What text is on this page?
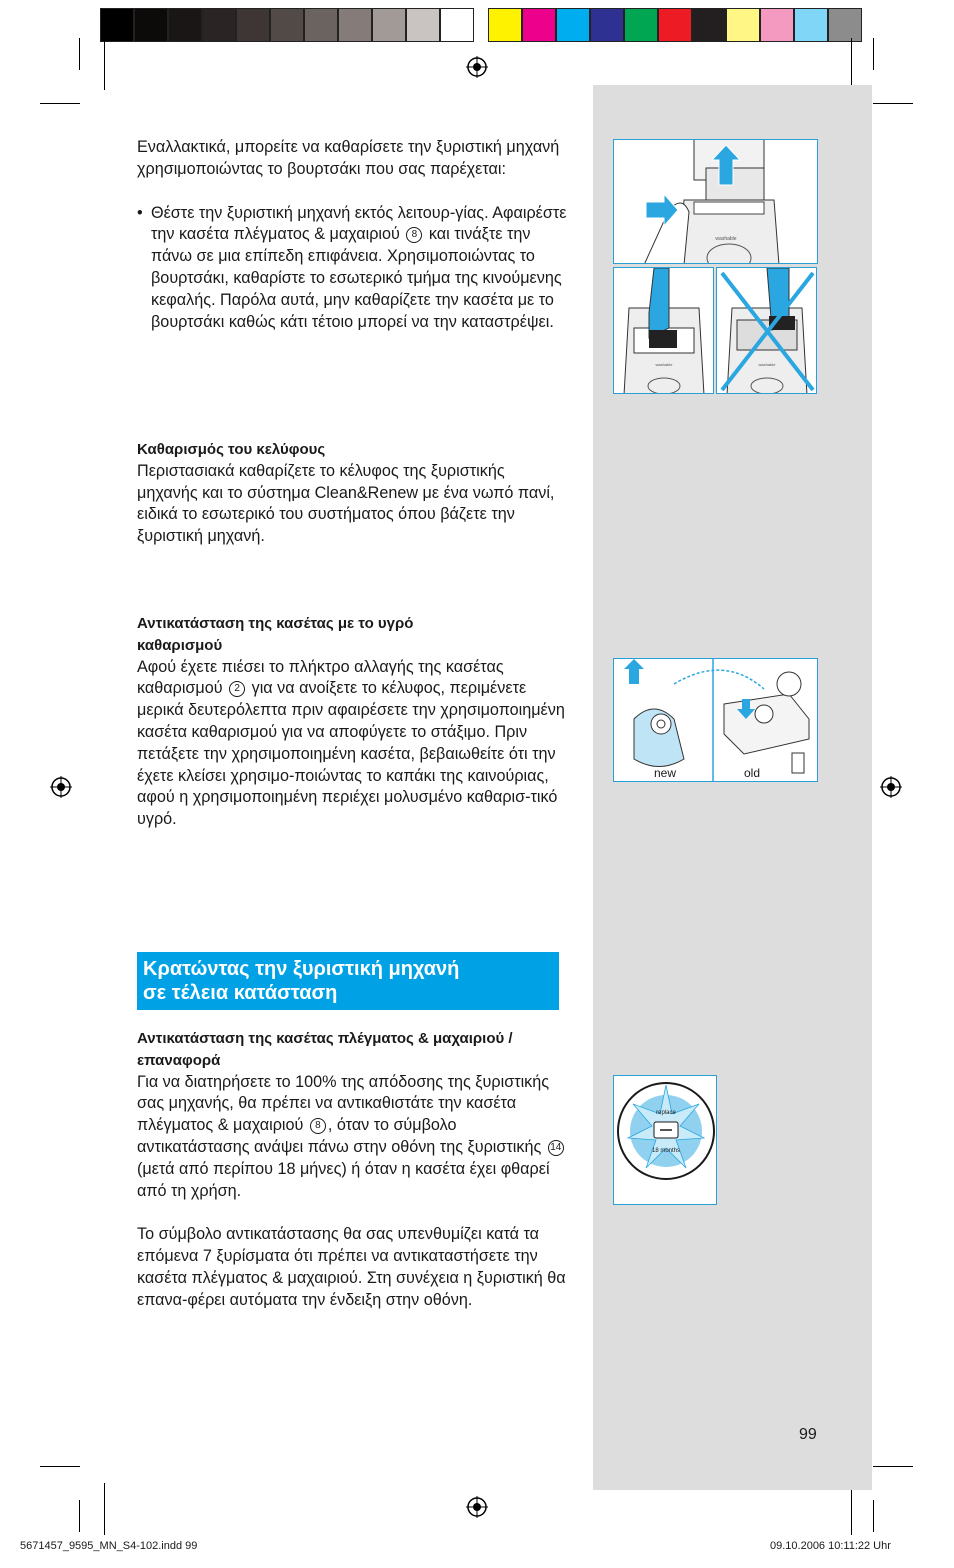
Εναλλακτικά, μπορείτε να καθαρίσετε την ξυριστική μηχανή χρησιμοποιώντας το βουρτσάκι που σας παρέχεται:

• Θέστε την ξυριστική μηχανή εκτός λειτουρ-γίας. Αφαιρέστε την κασέτα πλέγματος & μαχαιριού 8 και τινάξτε την πάνω σε μια επίπεδη επιφάνεια. Χρησιμοποιώντας το βουρτσάκι, καθαρίστε το εσωτερικό τμήμα της κινούμενης κεφαλής. Παρόλα αυτά, μην καθαρίζετε την κασέτα με το βουρτσάκι καθώς κάτι τέτοιο μπορεί να την καταστρέψει.

Καθαρισμός του κελύφους

Περιστασιακά καθαρίζετε το κέλυφος της ξυριστικής μηχανής και το σύστημα Clean&Renew με ένα νωπό πανί, ειδικά το εσωτερικό του συστήματος όπου βάζετε την ξυριστική μηχανή.

Αντικατάσταση της κασέτας με το υγρό καθαρισμού

Αφού έχετε πιέσει το πλήκτρο αλλαγής της κασέτας καθαρισμού 2 για να ανοίξετε το κέλυφος, περιμένετε μερικά δευτερόλεπτα πριν αφαιρέσετε την χρησιμοποιημένη κασέτα καθαρισμού για να αποφύγετε το στάξιμο. Πριν πετάξετε την χρησιμοποιημένη κασέτα, βεβαιωθείτε ότι την έχετε κλείσει χρησιμο-ποιώντας το καπάκι της καινούριας, αφού η χρησιμοποιημένη περιέχει μολυσμένο καθαρισ-τικό υγρό.

Κρατώντας την ξυριστική μηχανή
σε τέλεια κατάσταση

Αντικατάσταση της κασέτας πλέγματος & μαχαιριού / επαναφορά

Για να διατηρήσετε το 100% της απόδοσης της ξυριστικής σας μηχανής, θα πρέπει να αντικαθιστάτε την κασέτα πλέγματος & μαχαιριού 8 , όταν το σύμβολο αντικατάστασης ανάψει πάνω στην οθόνη της ξυριστικής 14 (μετά από περίπου 18 μήνες) ή όταν η κασέτα έχει φθαρεί από τη χρήση.

Το σύμβολο αντικατάστασης θα σας υπενθυμίζει κατά τα επόμενα 7 ξυρίσματα ότι πρέπει να αντικαταστήσετε την κασέτα πλέγματος & μαχαιριού. Στη συνέχεια η ξυριστική θα επανα-φέρει αυτόματα την ένδειξη στην οθόνη.

washable
washable	washable
new	old
replace
18 months
99
5671457_9595_MN_S4-102.indd 99	09.10.2006 10:11:22 Uhr
